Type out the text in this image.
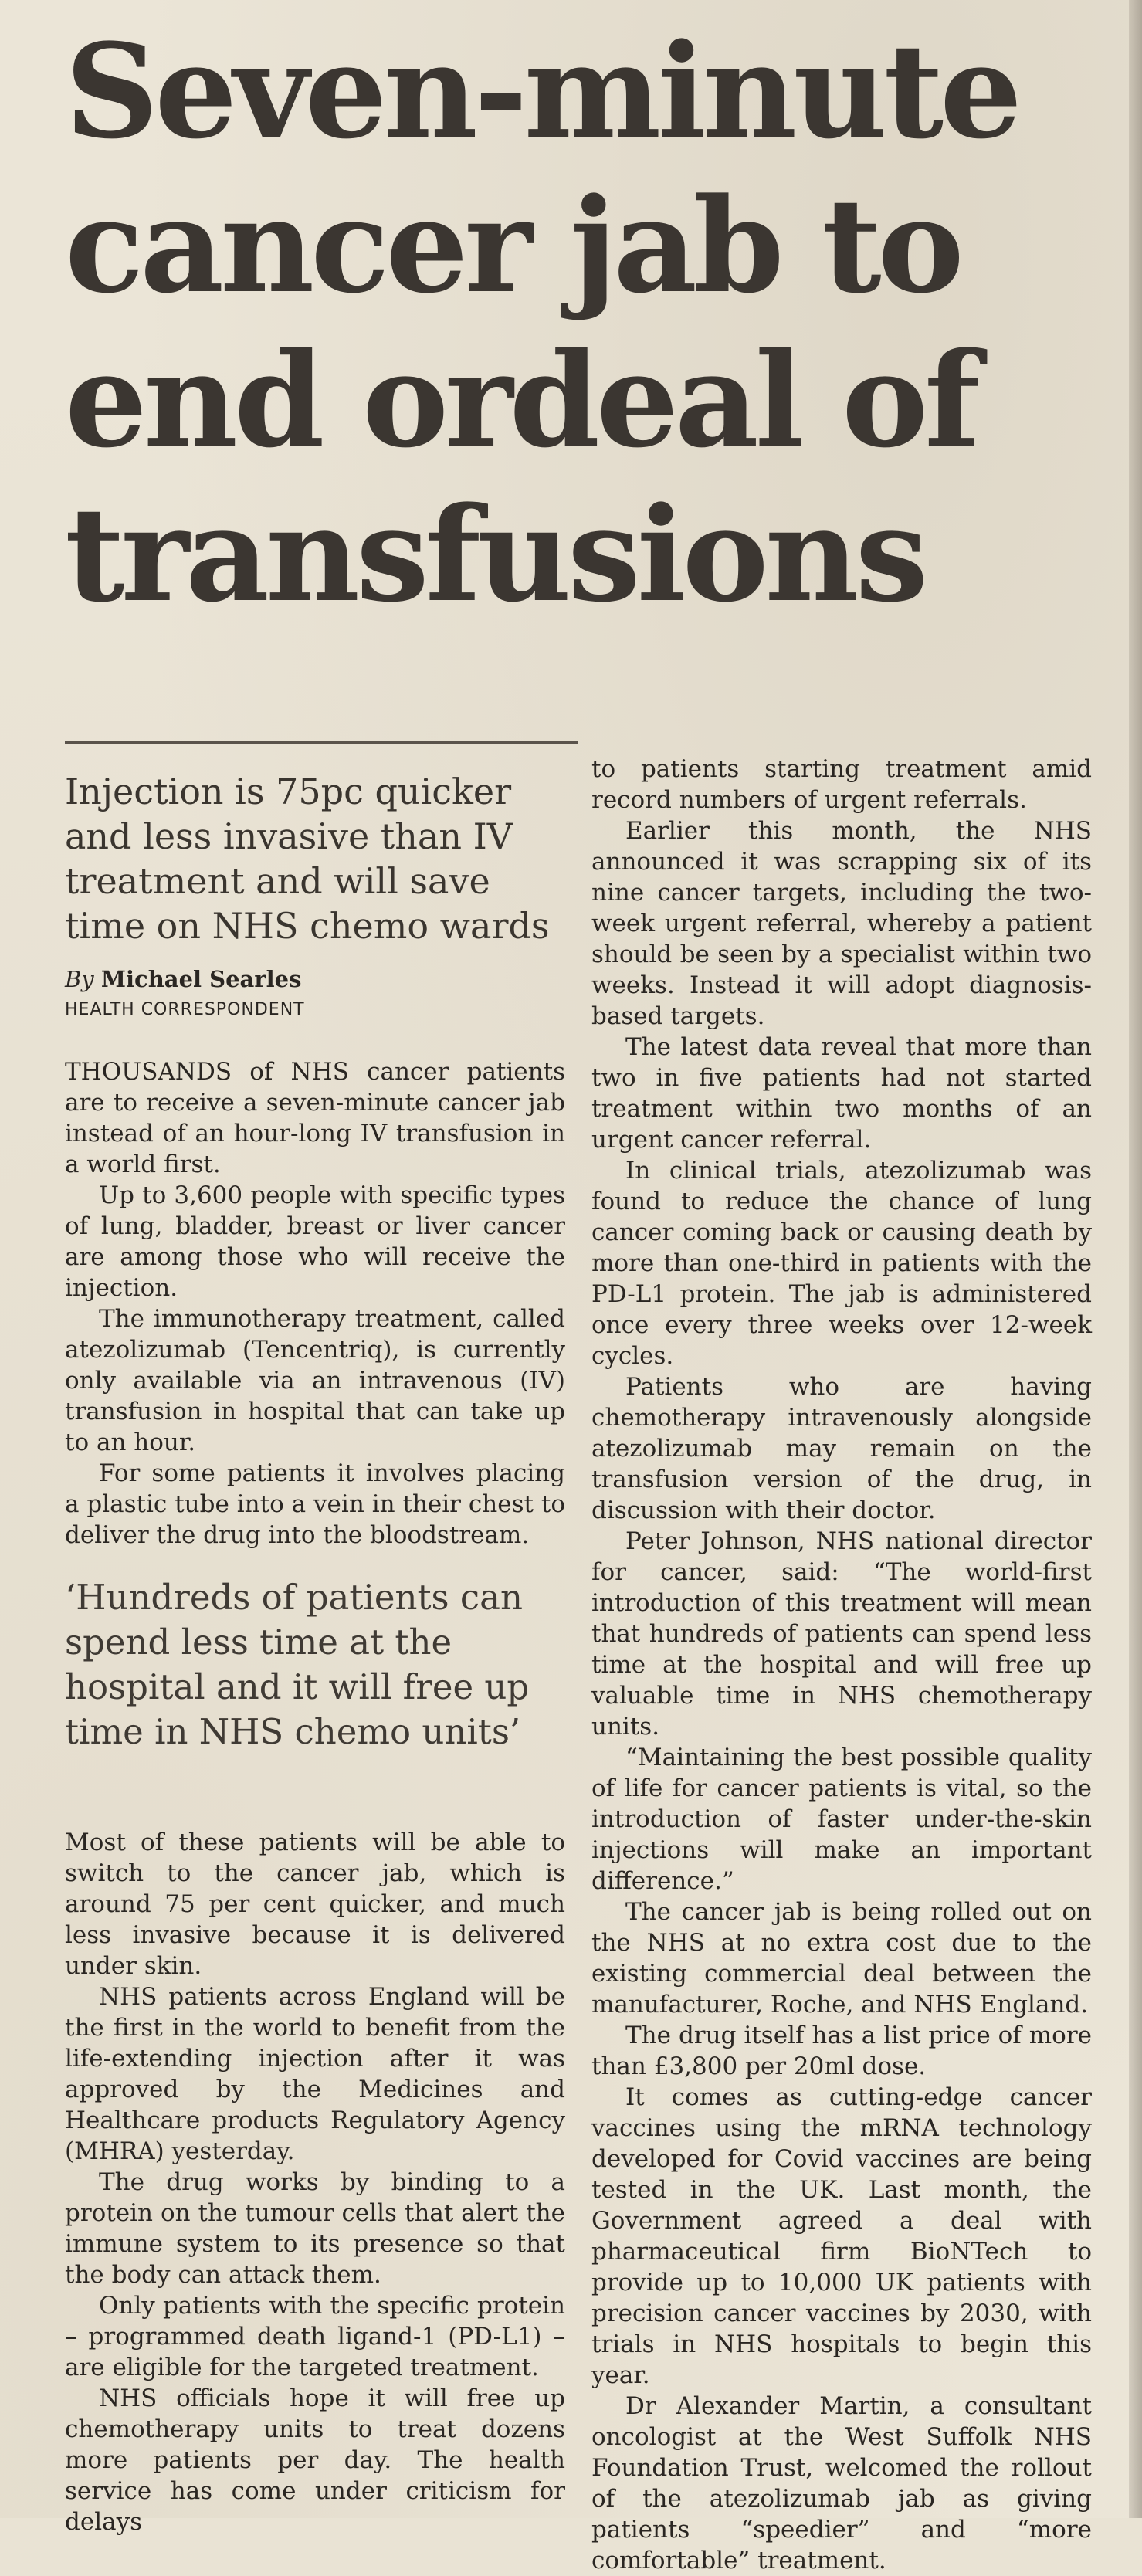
Seven-minute cancer jab to end ordeal of transfusions

Injection is 75pc quicker and less invasive than IV treatment and will save time on NHS chemo wards

By Michael Searles
HEALTH CORRESPONDENT

THOUSANDS of NHS cancer patients are to receive a seven-minute cancer jab instead of an hour-long IV transfusion in a world first.

Up to 3,600 people with specific types of lung, bladder, breast or liver cancer are among those who will receive the injection.

The immunotherapy treatment, called atezolizumab (Tencentriq), is currently only available via an intravenous (IV) transfusion in hospital that can take up to an hour.

For some patients it involves placing a plastic tube into a vein in their chest to deliver the drug into the bloodstream.

‘Hundreds of patients can spend less time at the hospital and it will free up time in NHS chemo units’

Most of these patients will be able to switch to the cancer jab, which is around 75 per cent quicker, and much less invasive because it is delivered under skin.

NHS patients across England will be the first in the world to benefit from the life-extending injection after it was approved by the Medicines and Healthcare products Regulatory Agency (MHRA) yesterday.

The drug works by binding to a protein on the tumour cells that alert the immune system to its presence so that the body can attack them.

Only patients with the specific protein – programmed death ligand-1 (PD-L1) – are eligible for the targeted treatment.

NHS officials hope it will free up chemotherapy units to treat dozens more patients per day. The health service has come under criticism for delays

to patients starting treatment amid record numbers of urgent referrals.

Earlier this month, the NHS announced it was scrapping six of its nine cancer targets, including the two-week urgent referral, whereby a patient should be seen by a specialist within two weeks. Instead it will adopt diagnosis-based targets.

The latest data reveal that more than two in five patients had not started treatment within two months of an urgent cancer referral.

In clinical trials, atezolizumab was found to reduce the chance of lung cancer coming back or causing death by more than one-third in patients with the PD-L1 protein. The jab is administered once every three weeks over 12-week cycles.

Patients who are having chemotherapy intravenously alongside atezolizumab may remain on the transfusion version of the drug, in discussion with their doctor.

Peter Johnson, NHS national director for cancer, said: “The world-first introduction of this treatment will mean that hundreds of patients can spend less time at the hospital and will free up valuable time in NHS chemotherapy units.

“Maintaining the best possible quality of life for cancer patients is vital, so the introduction of faster under-the-skin injections will make an important difference.”

The cancer jab is being rolled out on the NHS at no extra cost due to the existing commercial deal between the manufacturer, Roche, and NHS England.

The drug itself has a list price of more than £3,800 per 20ml dose.

It comes as cutting-edge cancer vaccines using the mRNA technology developed for Covid vaccines are being tested in the UK. Last month, the Government agreed a deal with pharmaceutical firm BioNTech to provide up to 10,000 UK patients with precision cancer vaccines by 2030, with trials in NHS hospitals to begin this year.

Dr Alexander Martin, a consultant oncologist at the West Suffolk NHS Foundation Trust, welcomed the rollout of the atezolizumab jab as giving patients “speedier” and “more comfortable” treatment.
